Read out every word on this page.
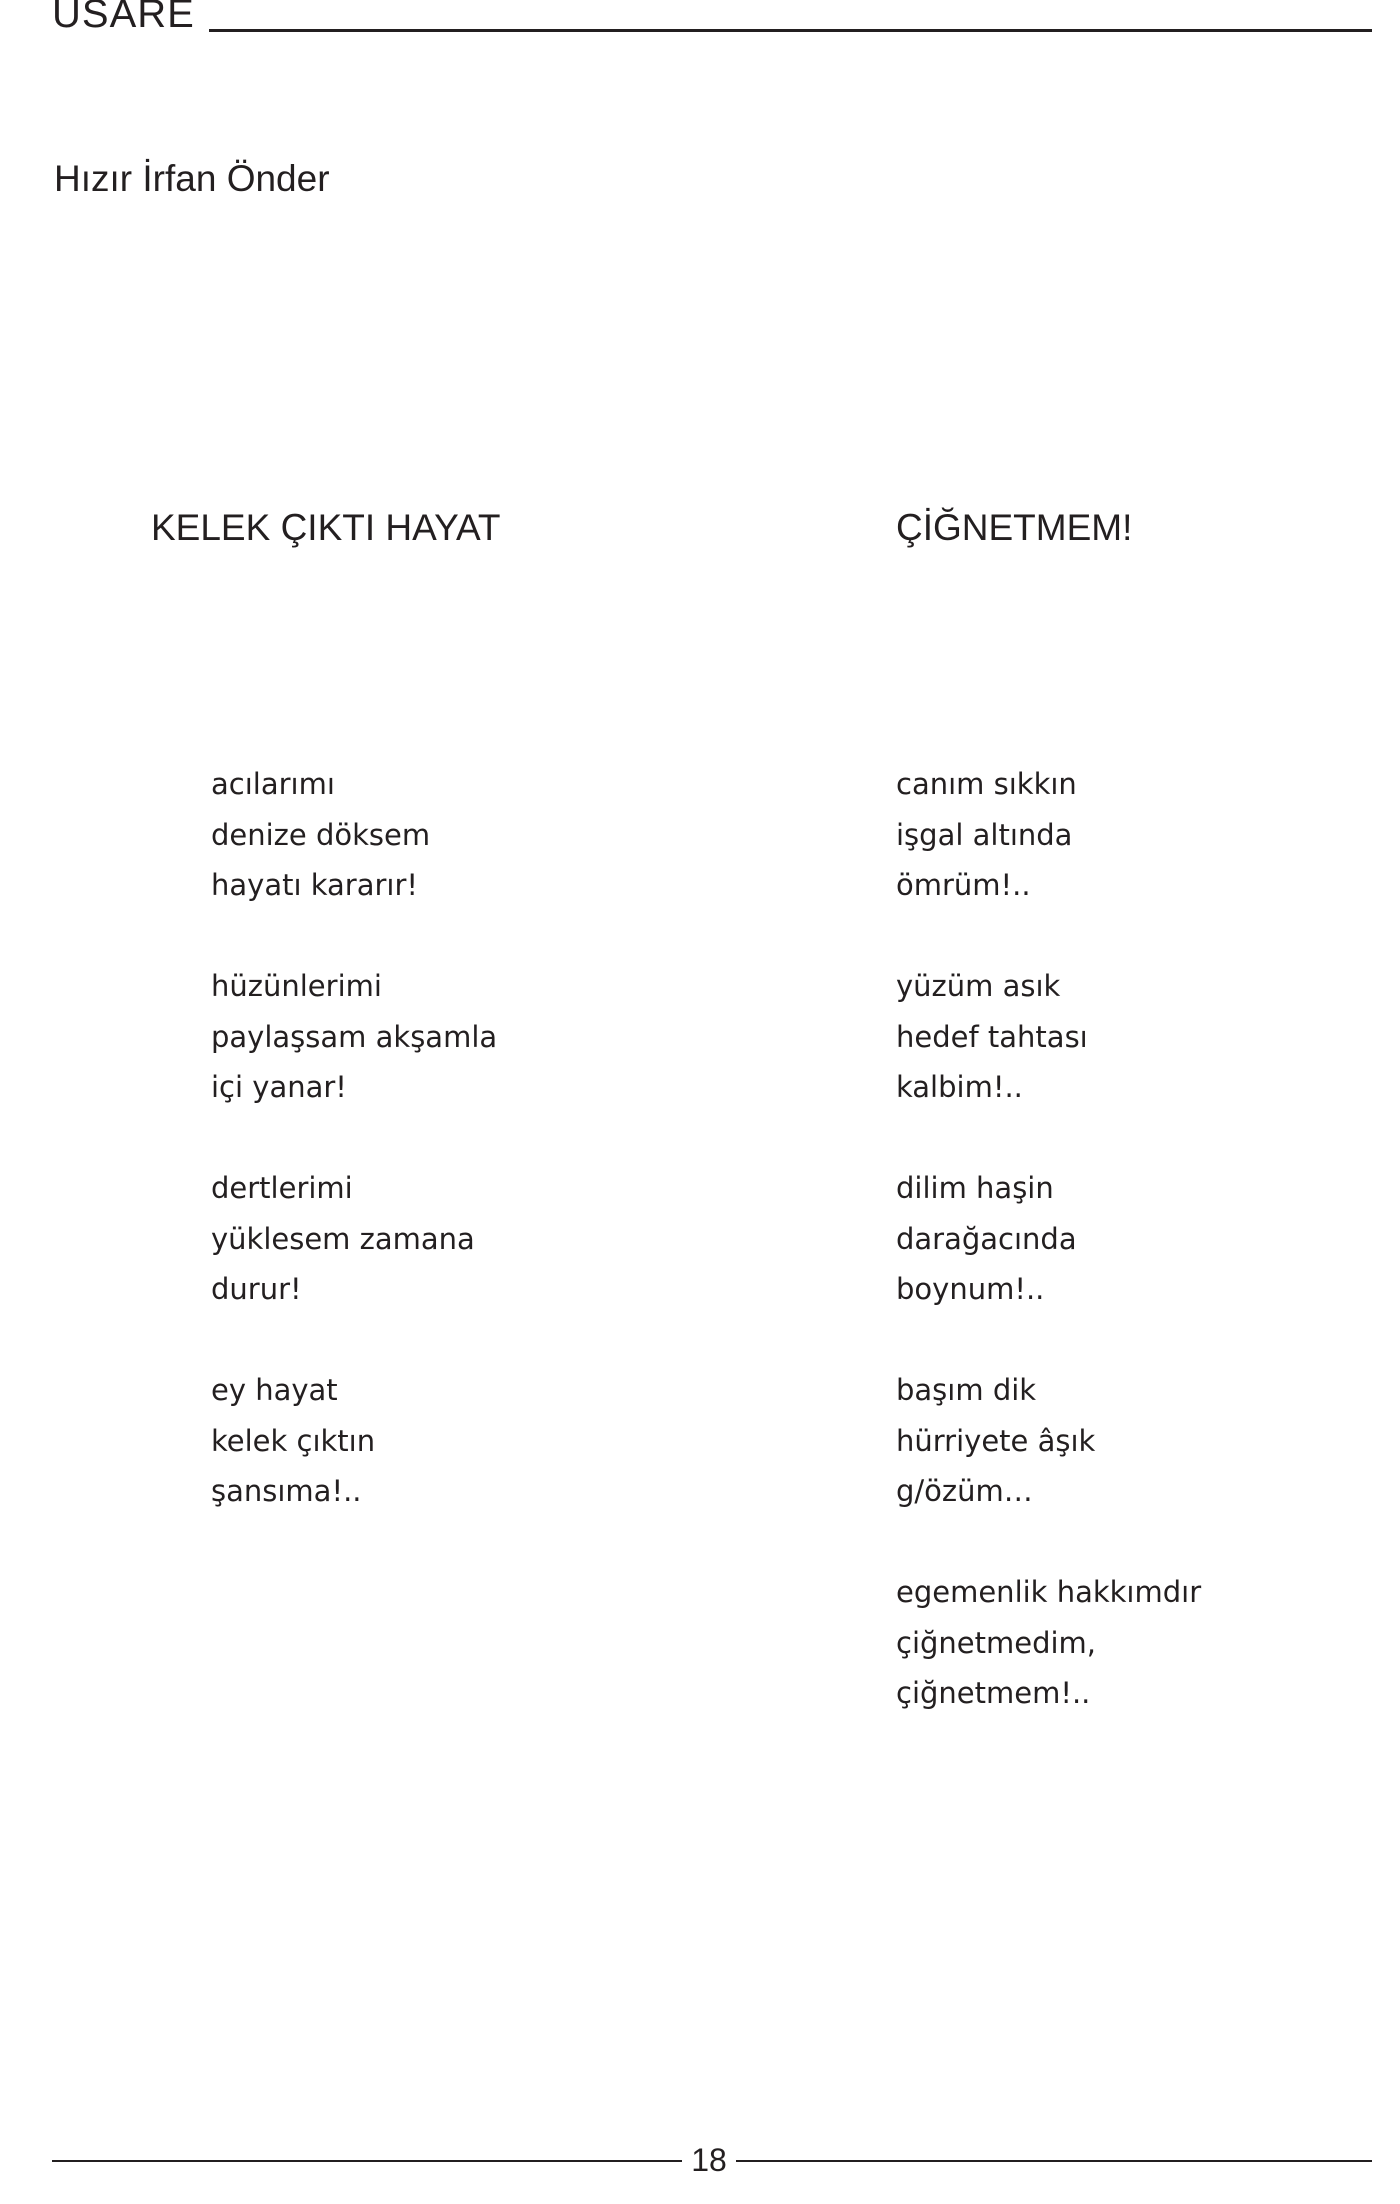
USARE
Hızır İrfan Önder
KELEK ÇIKTI HAYAT	ÇİĞNETMEM!
acılarımı
denize döksem
hayatı kararır!
hüzünlerimi
paylaşsam akşamla
içi yanar!
dertlerimi
yüklesem zamana
durur!
ey hayat
kelek çıktın
şansıma!..
canım sıkkın
işgal altında
ömrüm!..
yüzüm asık
hedef tahtası
kalbim!..
dilim haşin
darağacında
boynum!..
başım dik
hürriyete âşık
g/özüm…
egemenlik hakkımdır
çiğnetmedim,
çiğnetmem!..
18
